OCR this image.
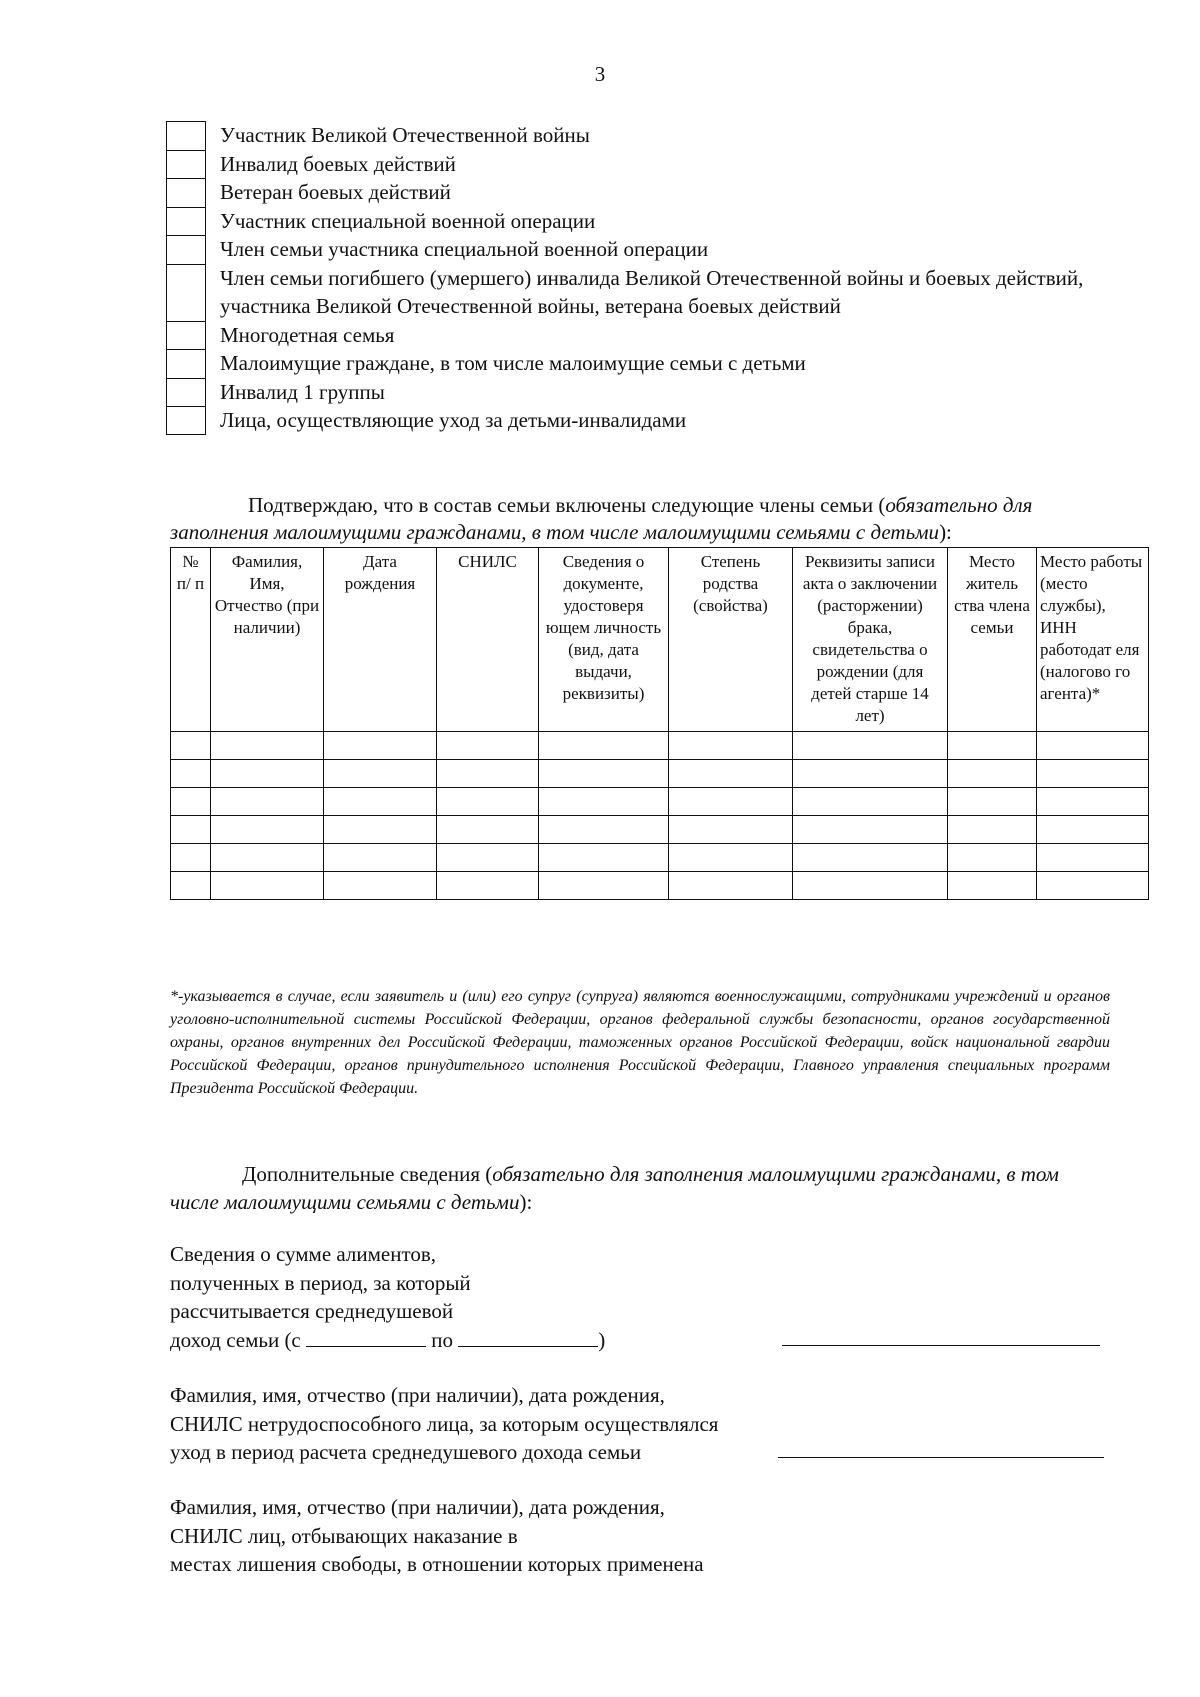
3
Участник Великой Отечественной войны
Инвалид боевых действий
Ветеран боевых действий
Участник специальной военной операции
Член семьи участника специальной военной операции
Член семьи погибшего (умершего) инвалида Великой Отечественной войны и боевых действий, участника Великой Отечественной войны, ветерана боевых действий
Многодетная семья
Малоимущие граждане, в том числе малоимущие семьи с детьми
Инвалид 1 группы
Лица, осуществляющие уход за детьми-инвалидами
Подтверждаю, что в состав семьи включены следующие члены семьи (обязательно для заполнения малоимущими гражданами, в том числе малоимущими семьями с детьми):
№ п/ п	Фамилия, Имя, Отчество (при наличии)	Дата рождения	СНИЛС	Сведения о документе, удостоверя ющем личность (вид, дата выдачи, реквизиты)	Степень родства (свойства)	Реквизиты записи акта о заключении (расторжении) брака, свидетельства о рождении (для детей старше 14 лет)	Место житель ства члена семьи	Место работы (место службы), ИНН работодат еля (налогово го агента)*

*-указывается в случае, если заявитель и (или) его супруг (супруга) являются военнослужащими, сотрудниками учреждений и органов уголовно-исполнительной системы Российской Федерации, органов федеральной службы безопасности, органов государственной охраны, органов внутренних дел Российской Федерации, таможенных органов Российской Федерации, войск национальной гвардии Российской Федерации, органов принудительного исполнения Российской Федерации, Главного управления специальных программ Президента Российской Федерации.
Дополнительные сведения (обязательно для заполнения малоимущими гражданами, в том числе малоимущими семьями с детьми):
Сведения о сумме алиментов,
полученных в период, за который
рассчитывается среднедушевой
доход семьи (с	по	)
Фамилия, имя, отчество (при наличии), дата рождения,
СНИЛС нетрудоспособного лица, за которым осуществлялся
уход в период расчета среднедушевого дохода семьи
Фамилия, имя, отчество (при наличии), дата рождения,
СНИЛС лиц, отбывающих наказание в
местах лишения свободы, в отношении которых применена
